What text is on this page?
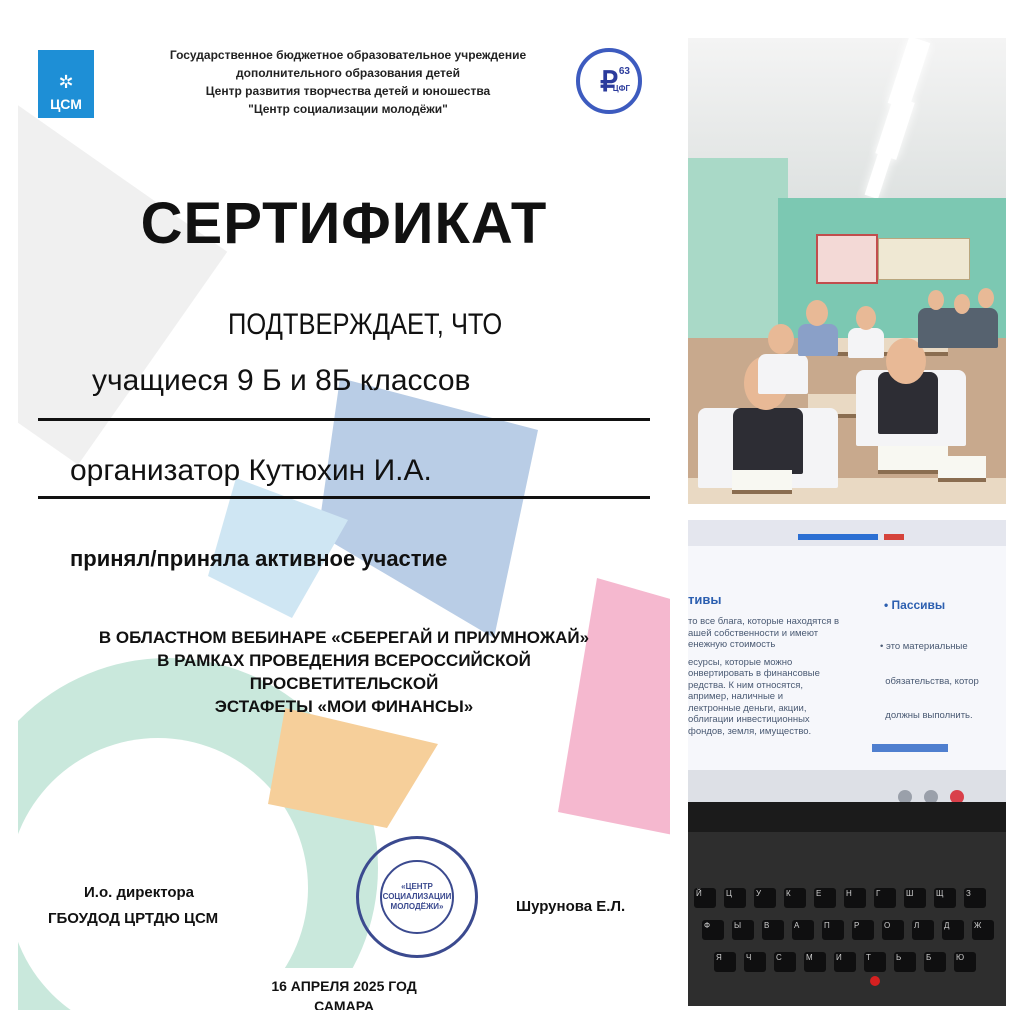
✲
ЦСМ
Государственное бюджетное образовательное учреждение
дополнительного образования детей
Центр развития творчества детей и юношества
"Центр социализации молодёжи"
₽ 63
ЦФГ
СЕРТИФИКАТ
ПОДТВЕРЖДАЕТ, ЧТО
учащиеся 9 Б и 8Б классов
организатор Кутюхин И.А.
принял/приняла активное участие
В ОБЛАСТНОМ ВЕБИНАРЕ «СБЕРЕГАЙ И ПРИУМНОЖАЙ»
В РАМКАХ ПРОВЕДЕНИЯ ВСЕРОССИЙСКОЙ
ПРОСВЕТИТЕЛЬСКОЙ
ЭСТАФЕТЫ «МОИ ФИНАНСЫ»
И.о. директора
ГБОУДОД ЦРТДЮ ЦСМ
«ЦЕНТР СОЦИАЛИЗАЦИИ МОЛОДЁЖИ»	Шурунова Е.Л.
16 АПРЕЛЯ 2025 ГОД
САМАРА
тивы
то все блага, которые находятся в
ашей собственности и имеют
енежную стоимость
есурсы, которые можно
онвертировать в финансовые
редства. К ним относятся,
апример, наличные и
лектронные деньги, акции,
облигации инвестиционных
фондов, земля, имущество.
• Пассивы

• это материальные

обязательства, котор

должны выполнить.

Й	Ц	У	К	Е	Н	Г	Ш	Щ	З
Ф	Ы	В	А	П	Р	О	Л	Д	Ж
Я	Ч	С	М	И	Т	Ь	Б	Ю
